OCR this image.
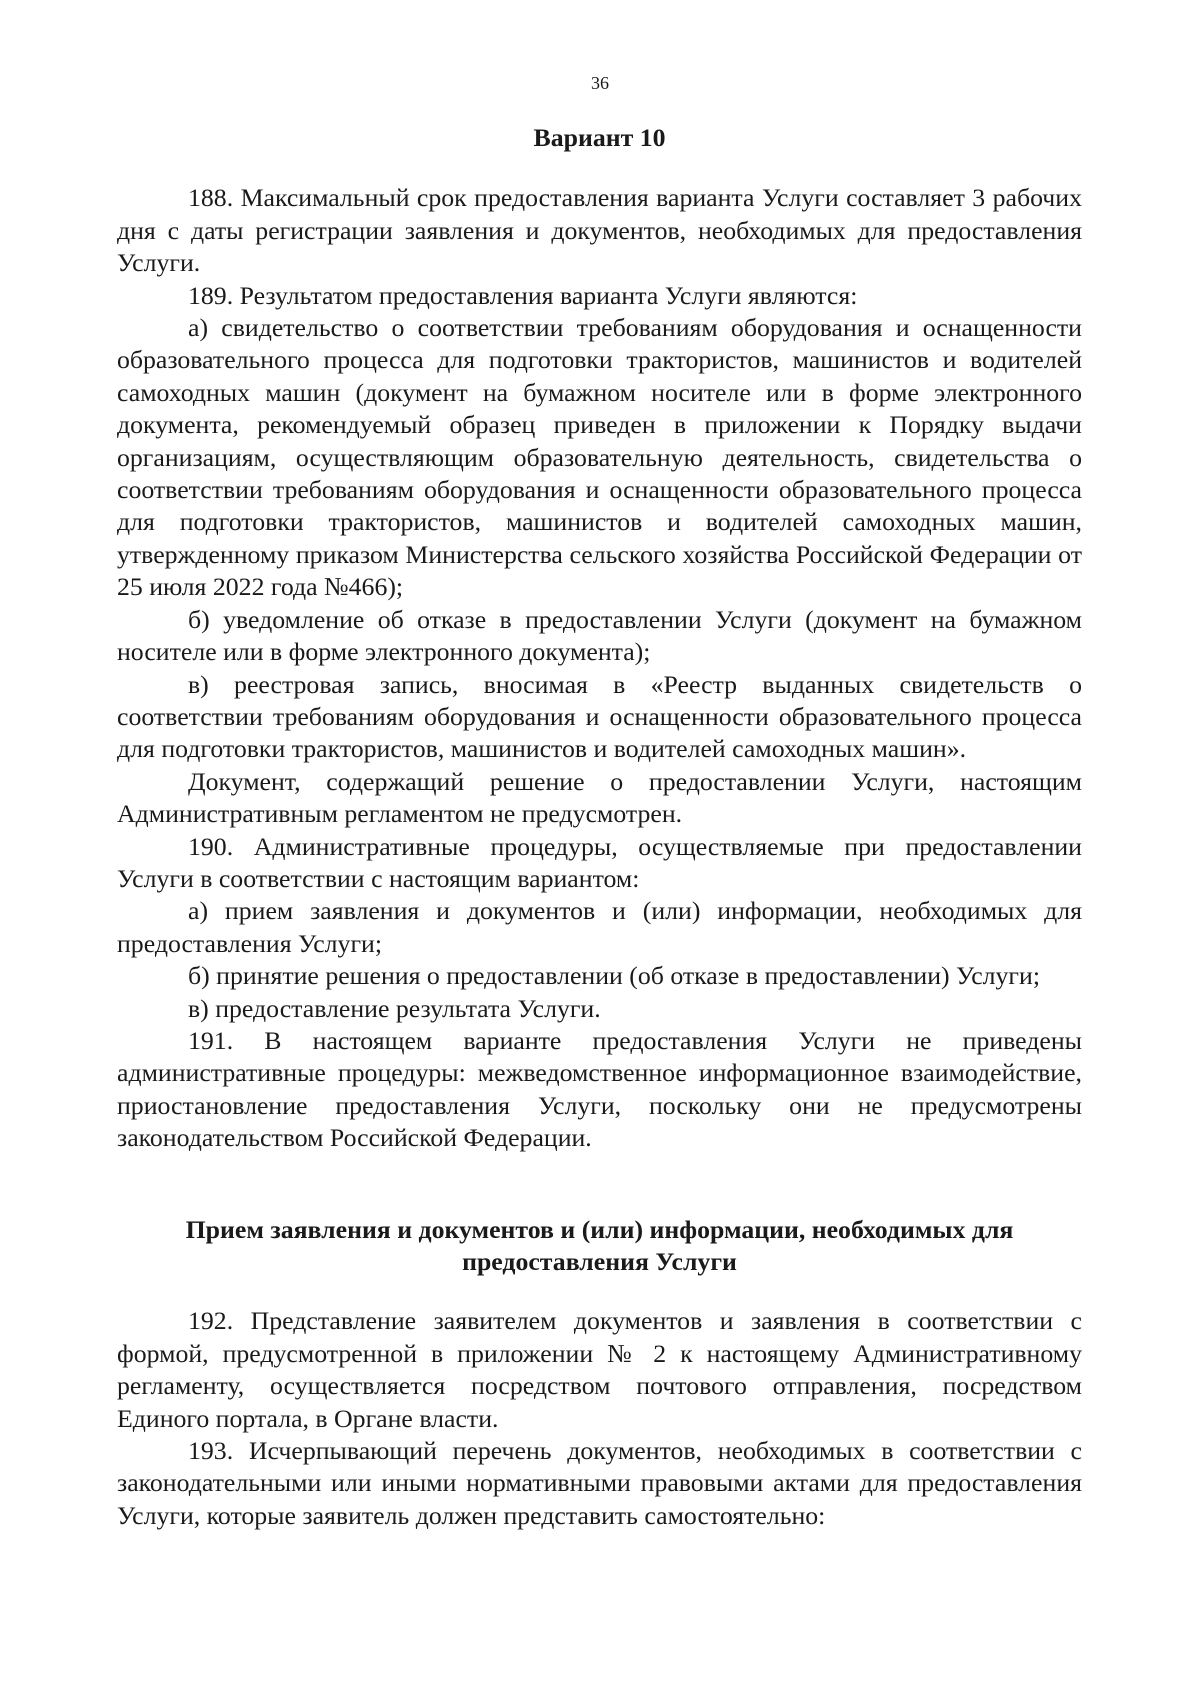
36
Вариант 10

188. Максимальный срок предоставления варианта Услуги составляет 3 рабочих дня с даты регистрации заявления и документов, необходимых для предоставления Услуги.

189. Результатом предоставления варианта Услуги являются:

а) свидетельство о соответствии требованиям оборудования и оснащенности образовательного процесса для подготовки трактористов, машинистов и водителей самоходных машин (документ на бумажном носителе или в форме электронного документа, рекомендуемый образец приведен в приложении к Порядку выдачи организациям, осуществляющим образовательную деятельность, свидетельства о соответствии требованиям оборудования и оснащенности образовательного процесса для подготовки трактористов, машинистов и водителей самоходных машин, утвержденному приказом Министерства сельского хозяйства Российской Федерации от 25 июля 2022 года №466);

б) уведомление об отказе в предоставлении Услуги (документ на бумажном носителе или в форме электронного документа);

в) реестровая запись, вносимая в «Реестр выданных свидетельств о соответствии требованиям оборудования и оснащенности образовательного процесса для подготовки трактористов, машинистов и водителей самоходных машин».

Документ, содержащий решение о предоставлении Услуги, настоящим Административным регламентом не предусмотрен.

190. Административные процедуры, осуществляемые при предоставлении Услуги в соответствии с настоящим вариантом:

а) прием заявления и документов и (или) информации, необходимых для предоставления Услуги;

б) принятие решения о предоставлении (об отказе в предоставлении) Услуги;

в) предоставление результата Услуги.

191. В настоящем варианте предоставления Услуги не приведены административные процедуры: межведомственное информационное взаимодействие, приостановление предоставления Услуги, поскольку они не предусмотрены законодательством Российской Федерации.

Прием заявления и документов и (или) информации, необходимых для
предоставления Услуги

192. Представление заявителем документов и заявления в соответствии с формой, предусмотренной в приложении № 2 к настоящему Административному регламенту, осуществляется посредством почтового отправления, посредством Единого портала, в Органе власти.

193. Исчерпывающий перечень документов, необходимых в соответствии с законодательными или иными нормативными правовыми актами для предоставления Услуги, которые заявитель должен представить самостоятельно:
